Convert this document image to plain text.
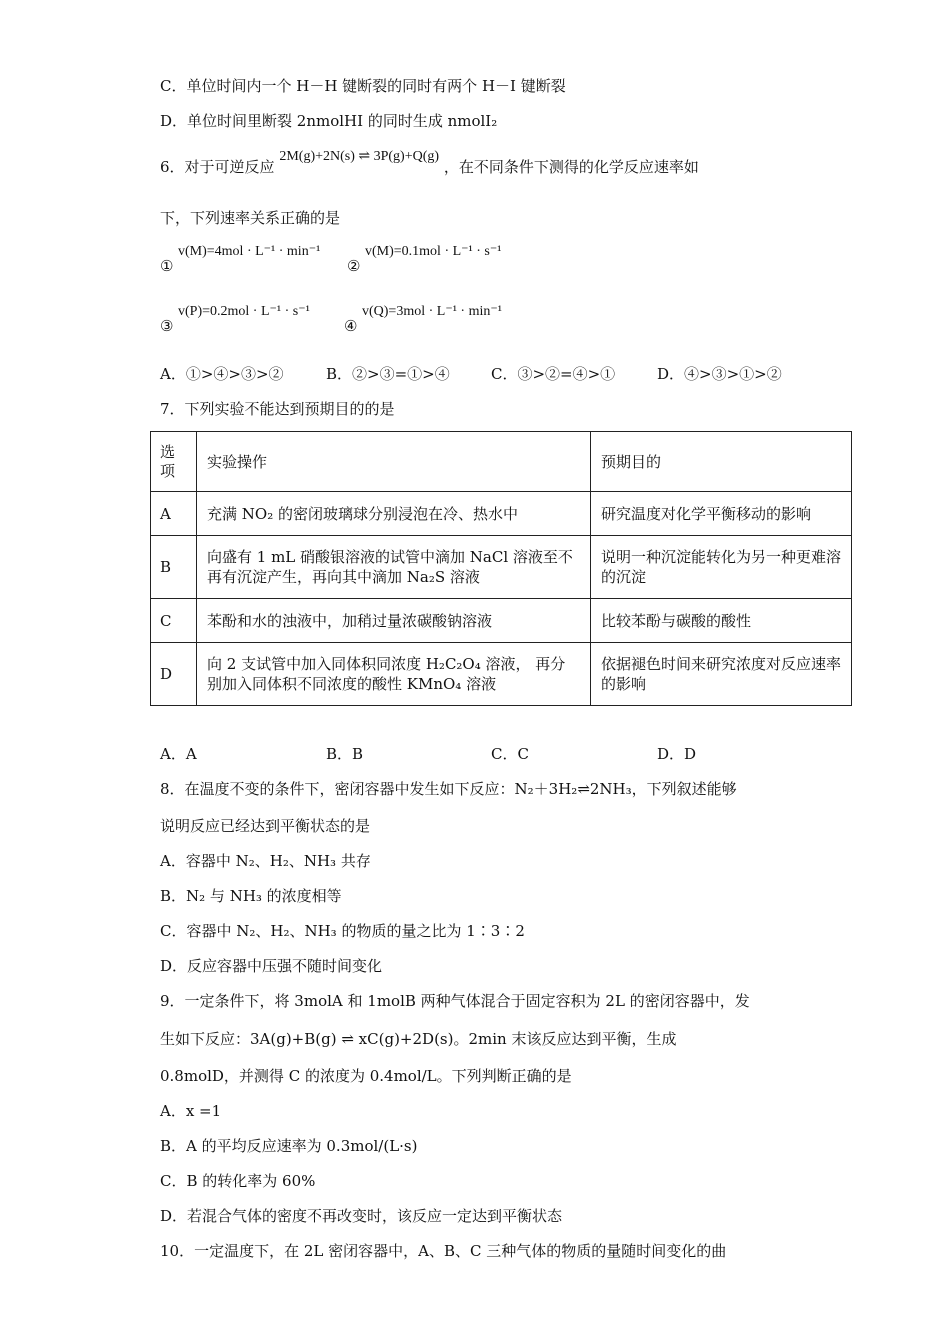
C．单位时间内一个 H－H 键断裂的同时有两个 H－I 键断裂
D．单位时间里断裂 2nmolHI 的同时生成 nmolI₂
6．对于可逆反应 2M(g)+2N(s) ⇌ 3P(g)+Q(g) ，在不同条件下测得的化学反应速率如
下，下列速率关系正确的是
①
v(M)=4mol · L⁻¹ · min⁻¹
②
v(M)=0.1mol · L⁻¹ · s⁻¹
③
v(P)=0.2mol · L⁻¹ · s⁻¹
④
v(Q)=3mol · L⁻¹ · min⁻¹
A．①>④>③>②	B．②>③=①>④	C．③>②=④>①	D．④>③>①>②
7．下列实验不能达到预期目的的是
选项	实验操作	预期目的
A	充满 NO₂ 的密闭玻璃球分别浸泡在冷、热水中	研究温度对化学平衡移动的影响
B	向盛有 1 mL 硝酸银溶液的试管中滴加 NaCl 溶液至不再有沉淀产生，再向其中滴加 Na₂S 溶液	说明一种沉淀能转化为另一种更难溶的沉淀
C	苯酚和水的浊液中，加稍过量浓碳酸钠溶液	比较苯酚与碳酸的酸性
D	向 2 支试管中加入同体积同浓度 H₂C₂O₄ 溶液， 再分别加入同体积不同浓度的酸性 KMnO₄ 溶液	依据褪色时间来研究浓度对反应速率的影响
A．A	B．B	C．C	D．D
8．在温度不变的条件下，密闭容器中发生如下反应：N₂＋3H₂⇌2NH₃，下列叙述能够
说明反应已经达到平衡状态的是
A．容器中 N₂、H₂、NH₃ 共存
B．N₂ 与 NH₃ 的浓度相等
C．容器中 N₂、H₂、NH₃ 的物质的量之比为 1∶3∶2
D．反应容器中压强不随时间变化
9．一定条件下，将 3molA 和 1molB 两种气体混合于固定容积为 2L 的密闭容器中，发
生如下反应：3A(g)+B(g) ⇌ xC(g)+2D(s)。2min 末该反应达到平衡，生成
0.8molD，并测得 C 的浓度为 0.4mol/L。下列判断正确的是
A．x =1
B．A 的平均反应速率为 0.3mol/(L·s)
C．B 的转化率为 60%
D．若混合气体的密度不再改变时，该反应一定达到平衡状态
10．一定温度下，在 2L 密闭容器中，A、B、C 三种气体的物质的量随时间变化的曲
